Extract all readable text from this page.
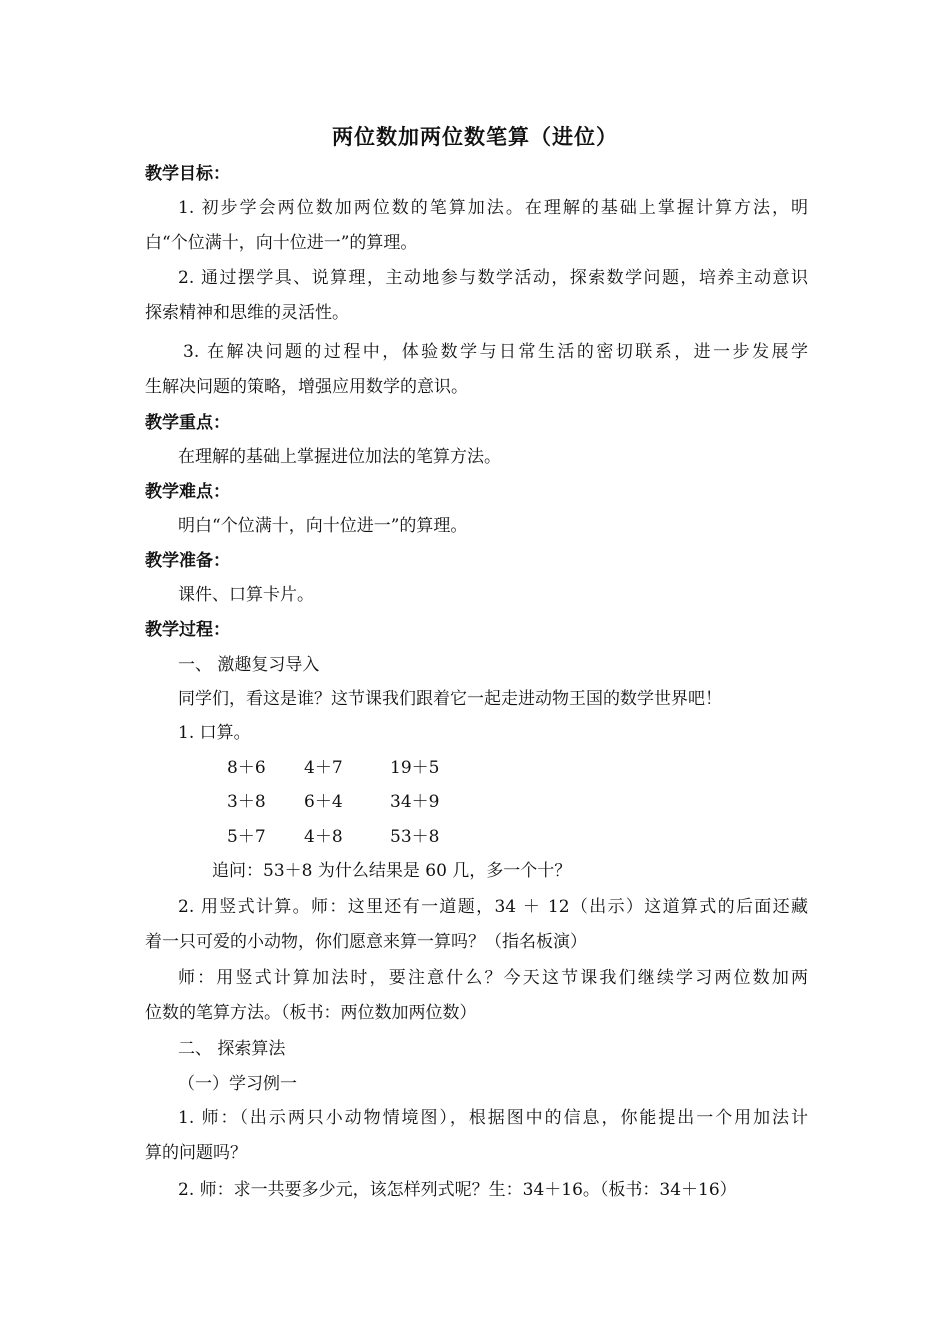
两位数加两位数笔算（进位）
教学目标：
1. 初步学会两位数加两位数的笔算加法。在理解的基础上掌握计算方法，明
白“个位满十，向十位进一”的算理。
2. 通过摆学具、说算理，主动地参与数学活动，探索数学问题，培养主动意识
探索精神和思维的灵活性。
3. 在解决问题的过程中，体验数学与日常生活的密切联系，进一步发展学
生解决问题的策略，增强应用数学的意识。
教学重点：
在理解的基础上掌握进位加法的笔算方法。
教学难点：
明白“个位满十，向十位进一”的算理。
教学准备：
课件、口算卡片。
教学过程：
一、 激趣复习导入
同学们，看这是谁？这节课我们跟着它一起走进动物王国的数学世界吧！
1. 口算。
8＋6 4＋7	19＋5
3＋8 6＋4	34＋9
5＋7 4＋8	53＋8
追问：53＋8 为什么结果是 60 几，多一个十？
2. 用竖式计算。师：这里还有一道题，34 ＋ 12（出示）这道算式的后面还藏
着一只可爱的小动物，你们愿意来算一算吗？（指名板演）
师：用竖式计算加法时，要注意什么？今天这节课我们继续学习两位数加两
位数的笔算方法。（板书：两位数加两位数）
二、 探索算法
（一）学习例一
1. 师：（出示两只小动物情境图），根据图中的信息，你能提出一个用加法计
算的问题吗？
2. 师：求一共要多少元，该怎样列式呢？生：34＋16。（板书：34＋16）
